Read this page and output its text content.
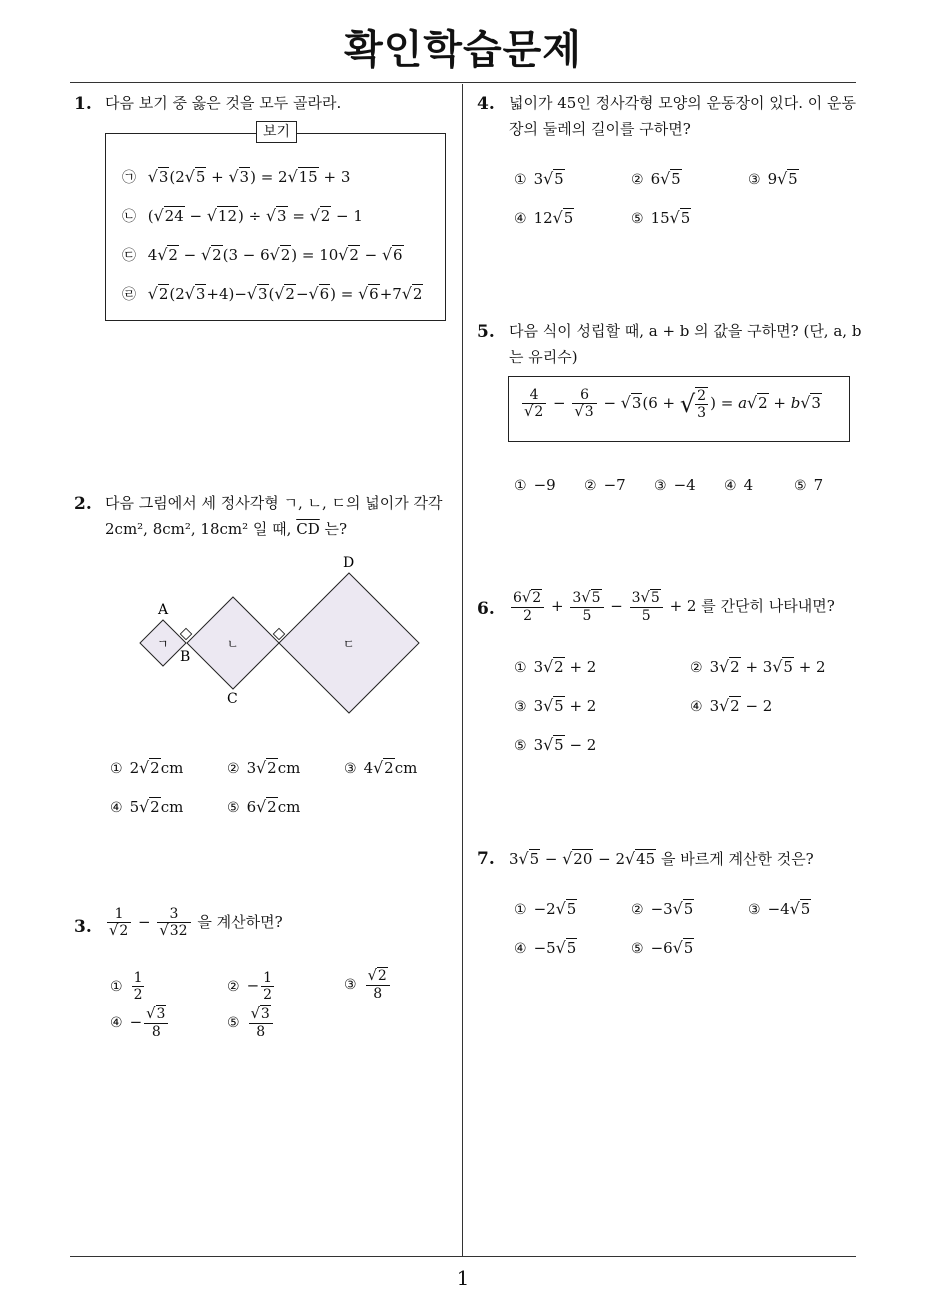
확인학습문제
1
1. 다음 보기 중 옳은 것을 모두 골라라.
보기
㉠ √3(2√5 + √3) = 2√15 + 3
㉡ (√24 − √12) ÷ √3 = √2 − 1
㉢ 4√2 − √2(3 − 6√2) = 10√2 − √6
㉣ √2(2√3+4)−√3(√2−√6) = √6+7√2
2. 다음 그림에서 세 정사각형 ㄱ, ㄴ, ㄷ의 넓이가 각각
2cm², 8cm², 18cm² 일 때, $\overline{CD}$ 는?
A
B
C
D
ㄱ	ㄴ	ㄷ
① 2√2cm	② 3√2cm	③ 4√2cm
④ 5√2cm	⑤ 6√2cm
3. $\frac{1}{√2} - \frac{3}{√32}$ 을 계산하면?
① $\frac{1}{2}$	② − $\frac{1}{2}$	③ $\frac{√2}{8}$
④ − $\frac{√3}{8}$	⑤ $\frac{√3}{8}$
4. 넓이가 45인 정사각형 모양의 운동장이 있다. 이 운동
장의 둘레의 길이를 구하면?
① 3√5	② 6√5	③ 9√5
④ 12√5	⑤ 15√5
5. 다음 식이 성립할 때, a + b 의 값을 구하면? (단, a, b
는 유리수)
$\frac{4}{√2} - \frac{6}{√3} - √3(6$ + √ $\frac{2}{3}$ ) = a√2 + b√3
① −9 ② −7 ③ −4 ④ 4	⑤ 7
6. $\frac{6√2}{2} + \frac{3√5}{5} - \frac{3√5}{5} + 2$ 를 간단히 나타내면?
① 3√2 + 2	② 3√2 + 3√5 + 2
③ 3√5 + 2	④ 3√2 − 2
⑤ 3√5 − 2
7. 3√5 − √20 − 2√45 을 바르게 계산한 것은?
① −2√5	② −3√5	③ −4√5
④ −5√5	⑤ −6√5
